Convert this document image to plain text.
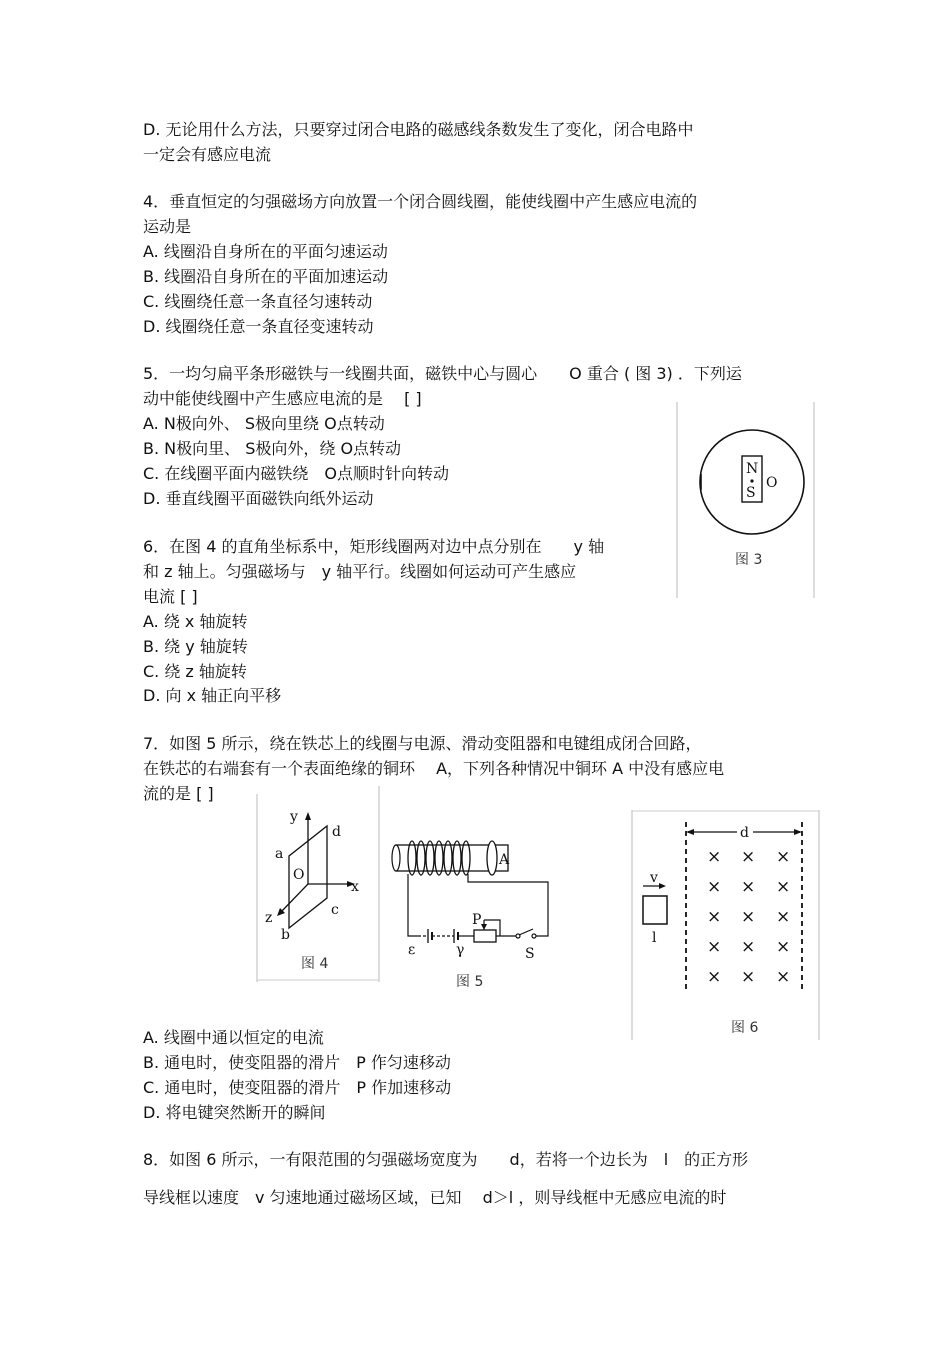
D. 无论用什么方法，只要穿过闭合电路的磁感线条数发生了变化，闭合电路中
一定会有感应电流
4．垂直恒定的匀强磁场方向放置一个闭合圆线圈，能使线圈中产生感应电流的
运动是
A. 线圈沿自身所在的平面匀速运动
B. 线圈沿自身所在的平面加速运动
C. 线圈绕任意一条直径匀速转动
D. 线圈绕任意一条直径变速转动
5．一均匀扁平条形磁铁与一线圈共面，磁铁中心与圆心　　O 重合 ( 图 3) ．下列运
动中能使线圈中产生感应电流的是　 [ ]
A. N极向外、 S极向里绕 O点转动
B. N极向里、 S极向外，绕 O点转动
C. 在线圈平面内磁铁绕　O点顺时针向转动
D. 垂直线圈平面磁铁向纸外运动
6．在图 4 的直角坐标系中，矩形线圈两对边中点分别在　　y 轴
和 z 轴上。匀强磁场与　y 轴平行。线圈如何运动可产生感应
电流 [ ]
A. 绕 x 轴旋转
B. 绕 y 轴旋转
C. 绕 z 轴旋转
D. 向 x 轴正向平移
7．如图 5 所示，绕在铁芯上的线圈与电源、滑动变阻器和电键组成闭合回路，
在铁芯的右端套有一个表面绝缘的铜环　 A，下列各种情况中铜环 A 中没有感应电
流的是 [ ]
A. 线圈中通以恒定的电流
B. 通电时，使变阻器的滑片　P 作匀速移动
C. 通电时，使变阻器的滑片　P 作加速移动
D. 将电键突然断开的瞬间
8．如图 6 所示，一有限范围的匀强磁场宽度为　　d，若将一个边长为　l　的正方形
导线框以速度　v 匀速地通过磁场区域，已知　 d＞l ，则导线框中无感应电流的时
N
S
O
图 3
y
x
z
O
a
b
c
d
图 4
A
ε	γ
P
S
图 5
d
× × ×
× × ×
× × ×
× × ×
× × ×
v
l
图 6
